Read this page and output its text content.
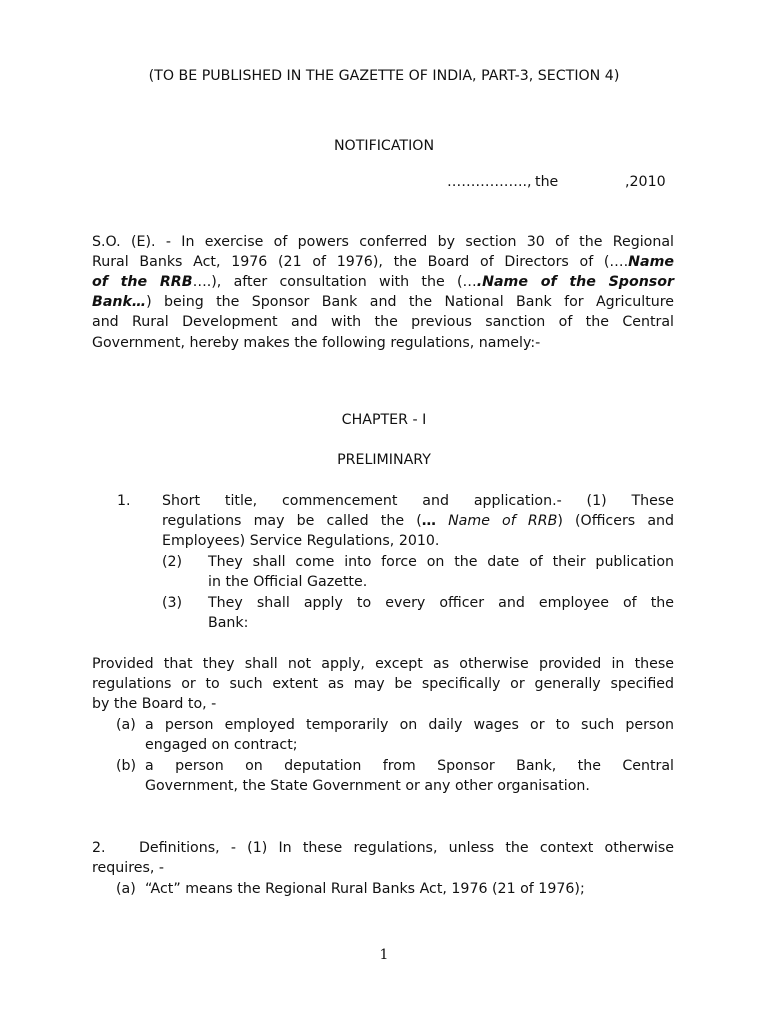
(TO BE PUBLISHED IN THE GAZETTE OF INDIA, PART-3, SECTION 4)
NOTIFICATION
…………….., the	,2010
S.O. (E). - In exercise of powers conferred by section 30 of the Regional
Rural Banks Act, 1976 (21 of 1976), the Board of Directors of (….Name
of the RRB….), after consultation with the (….Name of the Sponsor
Bank…) being the Sponsor Bank and the National Bank for Agriculture
and Rural Development and with the previous sanction of the Central
Government, hereby makes the following regulations, namely:-
CHAPTER - I
PRELIMINARY
1. Short title, commencement and application.- (1) These
regulations may be called the (… Name of RRB) (Officers and
Employees) Service Regulations, 2010.
(2) They shall come into force on the date of their publication
in the Official Gazette.
(3) They shall apply to every officer and employee of the
Bank:
Provided that they shall not apply, except as otherwise provided in these
regulations or to such extent as may be specifically or generally specified
by the Board to, -
(a) a person employed temporarily on daily wages or to such person
engaged on contract;
(b) a person on deputation from Sponsor Bank, the Central
Government, the State Government or any other organisation.
2. Definitions, - (1) In these regulations, unless the context otherwise
requires, -
(a) “Act” means the Regional Rural Banks Act, 1976 (21 of 1976);
1
